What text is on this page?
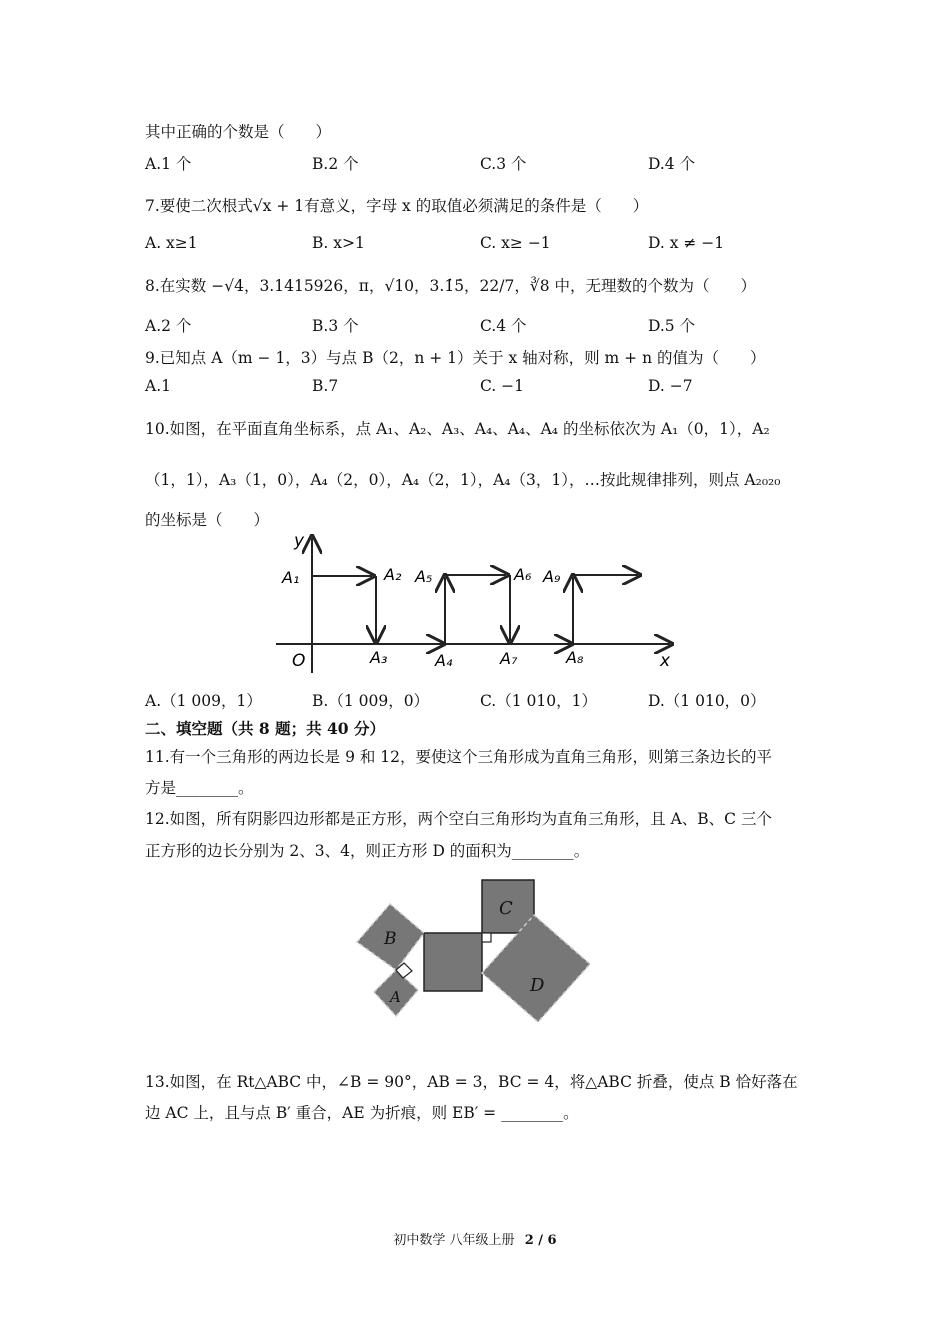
其中正确的个数是（　　）
A.1 个	B.2 个	C.3 个	D.4 个
7.要使二次根式√x + 1有意义，字母 x 的取值必须满足的条件是（　　）
A. x≥1	B. x>1	C. x≥ −1	D. x ≠ −1
8.在实数 −√4，3.1415926，π，√10，3.1̇5̇，22/7，∛8 中，无理数的个数为（　　）
A.2 个	B.3 个	C.4 个	D.5 个
9.已知点 A（m − 1，3）与点 B（2，n + 1）关于 x 轴对称，则 m + n 的值为（　　）
A.1	B.7	C. −1	D. −7
10.如图，在平面直角坐标系，点 A₁、A₂、A₃、A₄、A₄、A₄ 的坐标依次为 A₁（0，1），A₂
（1，1），A₃（1，0），A₄（2，0），A₄（2，1），A₄（3，1），…按此规律排列，则点 A₂₀₂₀
的坐标是（　　）
y
x
O
A₁	A₂ A₅	A₆ A₉
A₃	A₄	A₇	A₈
A.（1 009，1）	B.（1 009，0）	C.（1 010，1）	D.（1 010，0）
二、填空题（共 8 题；共 40 分）
11.有一个三角形的两边长是 9 和 12，要使这个三角形成为直角三角形，则第三条边长的平
方是________。
12.如图，所有阴影四边形都是正方形，两个空白三角形均为直角三角形，且 A、B、C 三个
正方形的边长分别为 2、3、4，则正方形 D 的面积为________。
B
A
C
D
13.如图，在 Rt△ABC 中，∠B = 90°，AB = 3，BC = 4，将△ABC 折叠，使点 B 恰好落在
边 AC 上，且与点 B′ 重合，AE 为折痕，则 EB′ = ________。
初中数学 八年级上册 2 / 6
